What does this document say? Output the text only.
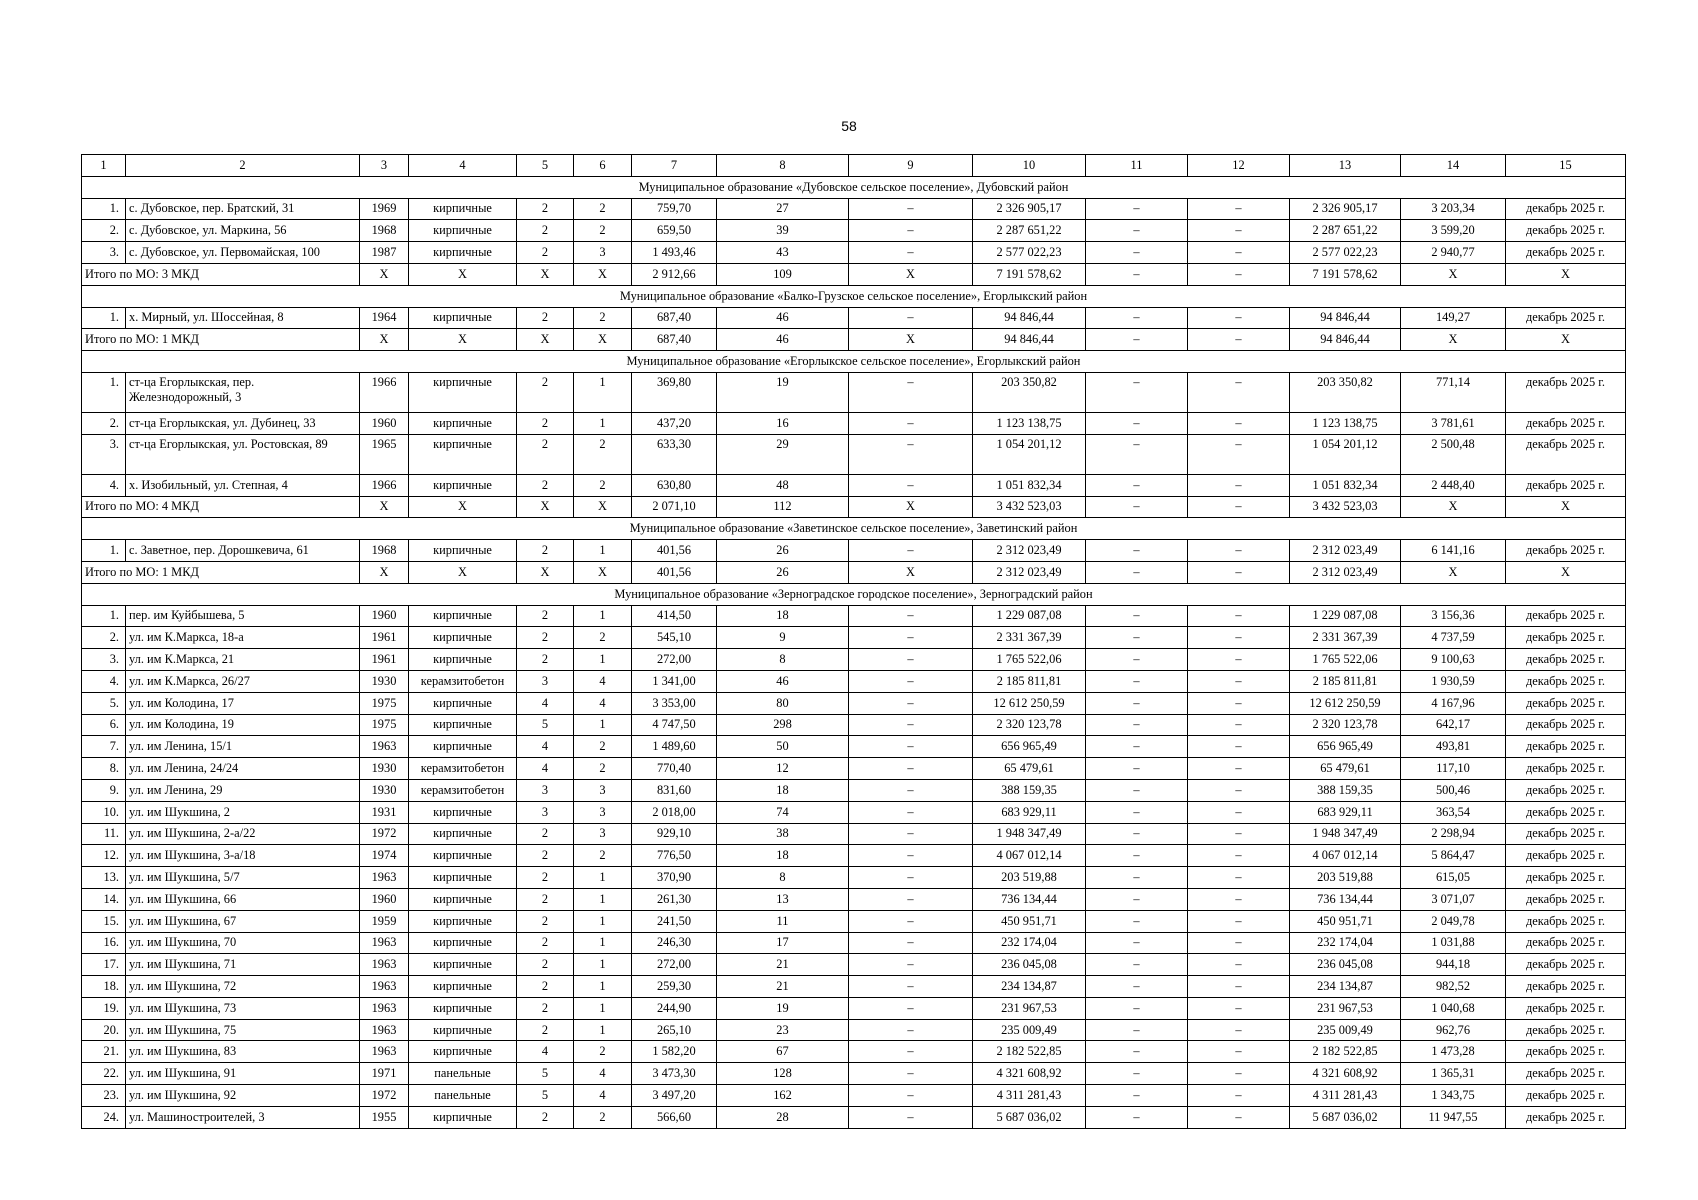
58
1	2	3	4	5	6	7	8	9	10	11	12	13	14	15
Муниципальное образование «Дубовское сельское поселение», Дубовский район														
1.	с. Дубовское, пер. Братский, 31	1969	кирпичные	2	2	759,70	27	–	2 326 905,17	–	–	2 326 905,17	3 203,34	декабрь 2025 г.
2.	с. Дубовское, ул. Маркина, 56	1968	кирпичные	2	2	659,50	39	–	2 287 651,22	–	–	2 287 651,22	3 599,20	декабрь 2025 г.
3.	с. Дубовское, ул. Первомайская, 100	1987	кирпичные	2	3	1 493,46	43	–	2 577 022,23	–	–	2 577 022,23	2 940,77	декабрь 2025 г.
Итого по МО: 3 МКД		X	X	X	X	2 912,66	109	X	7 191 578,62	–	–	7 191 578,62	X	X
Муниципальное образование «Балко-Грузское сельское поселение», Егорлыкский район														
1.	х. Мирный, ул. Шоссейная, 8	1964	кирпичные	2	2	687,40	46	–	94 846,44	–	–	94 846,44	149,27	декабрь 2025 г.
Итого по МО: 1 МКД		X	X	X	X	687,40	46	X	94 846,44	–	–	94 846,44	X	X
Муниципальное образование «Егорлыкское сельское поселение», Егорлыкский район														
1.	ст-ца Егорлыкская, пер. Железнодорожный, 3	1966	кирпичные	2	1	369,80	19	–	203 350,82	–	–	203 350,82	771,14	декабрь 2025 г.
2.	ст-ца Егорлыкская, ул. Дубинец, 33	1960	кирпичные	2	1	437,20	16	–	1 123 138,75	–	–	1 123 138,75	3 781,61	декабрь 2025 г.
3.	ст-ца Егорлыкская, ул. Ростовская, 89	1965	кирпичные	2	2	633,30	29	–	1 054 201,12	–	–	1 054 201,12	2 500,48	декабрь 2025 г.
4.	х. Изобильный, ул. Степная, 4	1966	кирпичные	2	2	630,80	48	–	1 051 832,34	–	–	1 051 832,34	2 448,40	декабрь 2025 г.
Итого по МО: 4 МКД		X	X	X	X	2 071,10	112	X	3 432 523,03	–	–	3 432 523,03	X	X
Муниципальное образование «Заветинское сельское поселение», Заветинский район														
1.	с. Заветное, пер. Дорошкевича, 61	1968	кирпичные	2	1	401,56	26	–	2 312 023,49	–	–	2 312 023,49	6 141,16	декабрь 2025 г.
Итого по МО: 1 МКД		X	X	X	X	401,56	26	X	2 312 023,49	–	–	2 312 023,49	X	X
Муниципальное образование «Зерноградское городское поселение», Зерноградский район														
1.	пер. им Куйбышева, 5	1960	кирпичные	2	1	414,50	18	–	1 229 087,08	–	–	1 229 087,08	3 156,36	декабрь 2025 г.
2.	ул. им К.Маркса, 18-а	1961	кирпичные	2	2	545,10	9	–	2 331 367,39	–	–	2 331 367,39	4 737,59	декабрь 2025 г.
3.	ул. им К.Маркса, 21	1961	кирпичные	2	1	272,00	8	–	1 765 522,06	–	–	1 765 522,06	9 100,63	декабрь 2025 г.
4.	ул. им К.Маркса, 26/27	1930	керамзитобетон	3	4	1 341,00	46	–	2 185 811,81	–	–	2 185 811,81	1 930,59	декабрь 2025 г.
5.	ул. им Колодина, 17	1975	кирпичные	4	4	3 353,00	80	–	12 612 250,59	–	–	12 612 250,59	4 167,96	декабрь 2025 г.
6.	ул. им Колодина, 19	1975	кирпичные	5	1	4 747,50	298	–	2 320 123,78	–	–	2 320 123,78	642,17	декабрь 2025 г.
7.	ул. им Ленина, 15/1	1963	кирпичные	4	2	1 489,60	50	–	656 965,49	–	–	656 965,49	493,81	декабрь 2025 г.
8.	ул. им Ленина, 24/24	1930	керамзитобетон	4	2	770,40	12	–	65 479,61	–	–	65 479,61	117,10	декабрь 2025 г.
9.	ул. им Ленина, 29	1930	керамзитобетон	3	3	831,60	18	–	388 159,35	–	–	388 159,35	500,46	декабрь 2025 г.
10.	ул. им Шукшина, 2	1931	кирпичные	3	3	2 018,00	74	–	683 929,11	–	–	683 929,11	363,54	декабрь 2025 г.
11.	ул. им Шукшина, 2-а/22	1972	кирпичные	2	3	929,10	38	–	1 948 347,49	–	–	1 948 347,49	2 298,94	декабрь 2025 г.
12.	ул. им Шукшина, 3-а/18	1974	кирпичные	2	2	776,50	18	–	4 067 012,14	–	–	4 067 012,14	5 864,47	декабрь 2025 г.
13.	ул. им Шукшина, 5/7	1963	кирпичные	2	1	370,90	8	–	203 519,88	–	–	203 519,88	615,05	декабрь 2025 г.
14.	ул. им Шукшина, 66	1960	кирпичные	2	1	261,30	13	–	736 134,44	–	–	736 134,44	3 071,07	декабрь 2025 г.
15.	ул. им Шукшина, 67	1959	кирпичные	2	1	241,50	11	–	450 951,71	–	–	450 951,71	2 049,78	декабрь 2025 г.
16.	ул. им Шукшина, 70	1963	кирпичные	2	1	246,30	17	–	232 174,04	–	–	232 174,04	1 031,88	декабрь 2025 г.
17.	ул. им Шукшина, 71	1963	кирпичные	2	1	272,00	21	–	236 045,08	–	–	236 045,08	944,18	декабрь 2025 г.
18.	ул. им Шукшина, 72	1963	кирпичные	2	1	259,30	21	–	234 134,87	–	–	234 134,87	982,52	декабрь 2025 г.
19.	ул. им Шукшина, 73	1963	кирпичные	2	1	244,90	19	–	231 967,53	–	–	231 967,53	1 040,68	декабрь 2025 г.
20.	ул. им Шукшина, 75	1963	кирпичные	2	1	265,10	23	–	235 009,49	–	–	235 009,49	962,76	декабрь 2025 г.
21.	ул. им Шукшина, 83	1963	кирпичные	4	2	1 582,20	67	–	2 182 522,85	–	–	2 182 522,85	1 473,28	декабрь 2025 г.
22.	ул. им Шукшина, 91	1971	панельные	5	4	3 473,30	128	–	4 321 608,92	–	–	4 321 608,92	1 365,31	декабрь 2025 г.
23.	ул. им Шукшина, 92	1972	панельные	5	4	3 497,20	162	–	4 311 281,43	–	–	4 311 281,43	1 343,75	декабрь 2025 г.
24.	ул. Машиностроителей, 3	1955	кирпичные	2	2	566,60	28	–	5 687 036,02	–	–	5 687 036,02	11 947,55	декабрь 2025 г.
